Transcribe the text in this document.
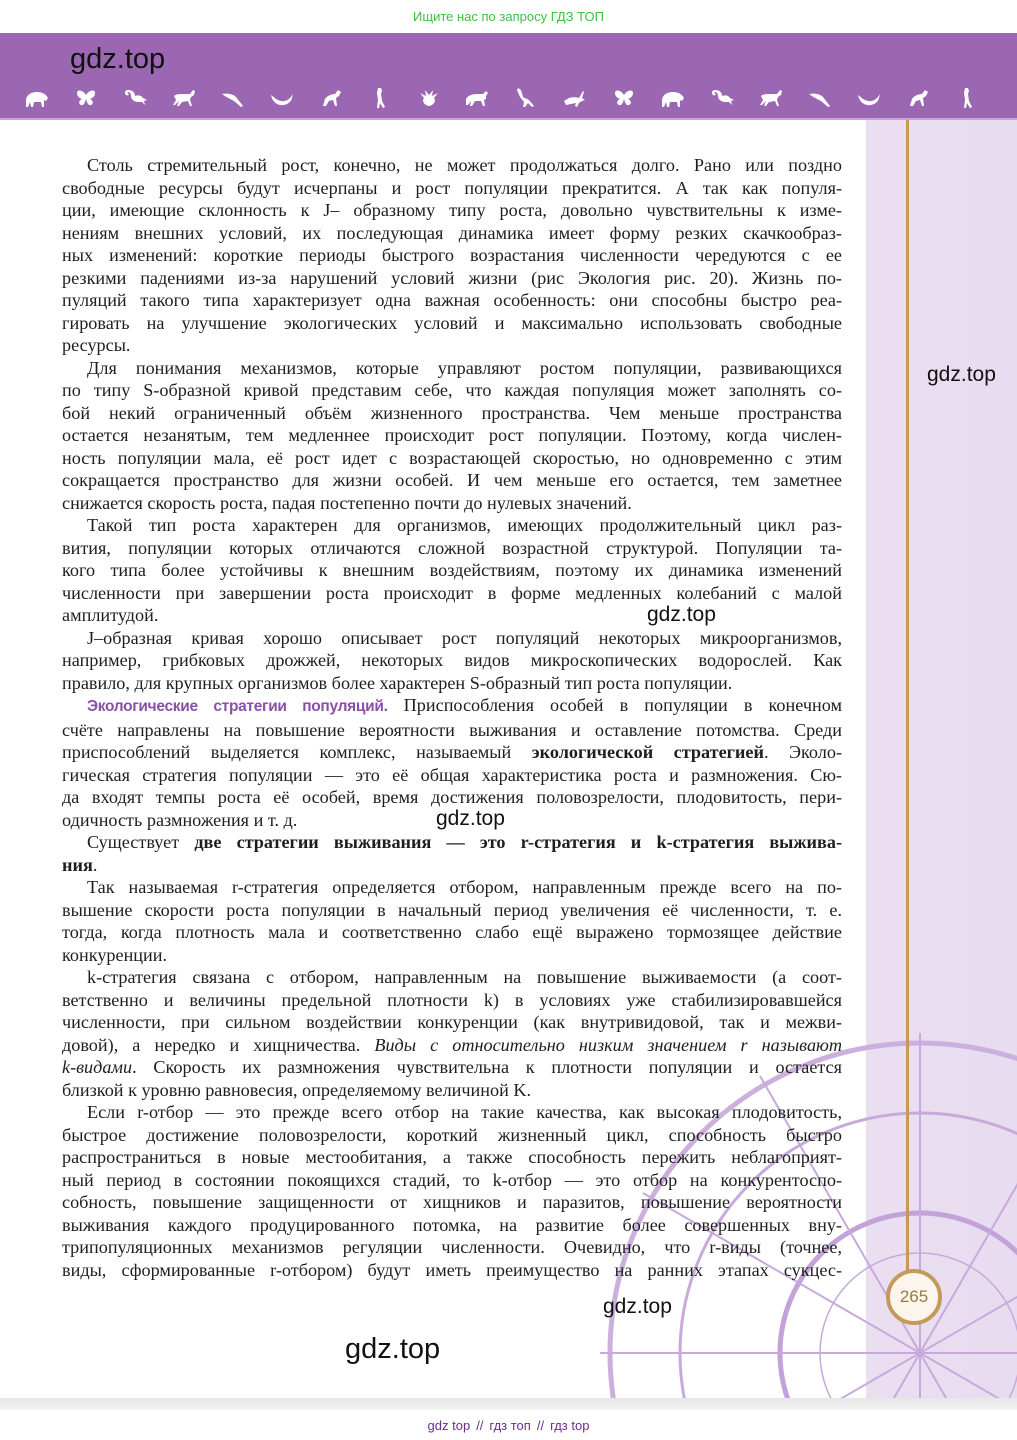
Ищите нас по запросу ГДЗ ТОП
gdz.top
gdz.top
265
Столь стремительный рост, конечно, не может продолжаться долго. Рано или поздно
свободные ресурсы будут исчерпаны и рост популяции прекратится. А так как популя-
ции, имеющие склонность к J– образному типу роста, довольно чувствительны к изме-
нениям внешних условий, их последующая динамика имеет форму резких скачкообраз-
ных изменений: короткие периоды быстрого возрастания численности чередуются с ее
резкими падениями из-за нарушений условий жизни (рис Экология рис. 20). Жизнь по-
пуляций такого типа характеризует одна важная особенность: они способны быстро реа-
гировать на улучшение экологических условий и максимально использовать свободные
ресурсы.
Для понимания механизмов, которые управляют ростом популяции, развивающихся
по типу S-образной кривой представим себе, что каждая популяция может заполнять со-
бой некий ограниченный объём жизненного пространства. Чем меньше пространства
остается незанятым, тем медленнее происходит рост популяции. Поэтому, когда числен-
ность популяции мала, её рост идет с возрастающей скоростью, но одновременно с этим
сокращается пространство для жизни особей. И чем меньше его остается, тем заметнее
снижается скорость роста, падая постепенно почти до нулевых значений.
Такой тип роста характерен для организмов, имеющих продолжительный цикл раз-
вития, популяции которых отличаются сложной возрастной структурой. Популяции та-
кого типа более устойчивы к внешним воздействиям, поэтому их динамика изменений
численности при завершении роста происходит в форме медленных колебаний с малой
амплитудой.
J–образная кривая хорошо описывает рост популяций некоторых микроорганизмов,
например, грибковых дрожжей, некоторых видов микроскопических водорослей. Как
правило, для крупных организмов более характерен S-образный тип роста популяции.
Экологические стратегии популяций. Приспособления особей в популяции в конечном
счёте направлены на повышение вероятности выживания и оставление потомства. Среди
приспособлений выделяется комплекс, называемый экологической стратегией. Эколо-
гическая стратегия популяции — это её общая характеристика роста и размножения. Сю-
да входят темпы роста её особей, время достижения половозрелости, плодовитость, пери-
одичность размножения и т. д.
Существует две стратегии выживания — это r-стратегия и k-стратегия выжива-
ния.
Так называемая r-стратегия определяется отбором, направленным прежде всего на по-
вышение скорости роста популяции в начальный период увеличения её численности, т. е.
тогда, когда плотность мала и соответственно слабо ещё выражено тормозящее действие
конкуренции.
k-стратегия связана с отбором, направленным на повышение выживаемости (а соот-
ветственно и величины предельной плотности k) в условиях уже стабилизировавшейся
численности, при сильном воздействии конкуренции (как внутривидовой, так и межви-
довой), а нередко и хищничества. Виды с относительно низким значением r называют
k-видами. Скорость их размножения чувствительна к плотности популяции и остается
близкой к уровню равновесия, определяемому величиной K.
Если r-отбор — это прежде всего отбор на такие качества, как высокая плодовитость,
быстрое достижение половозрелости, короткий жизненный цикл, способность быстро
распространиться в новые местообитания, а также способность пережить неблагоприят-
ный период в состоянии покоящихся стадий, то k-отбор — это отбор на конкурентоспо-
собность, повышение защищенности от хищников и паразитов, повышение вероятности
выживания каждого продуцированного потомка, на развитие более совершенных вну-
трипопуляционных механизмов регуляции численности. Очевидно, что r-виды (точнее,
виды, сформированные r-отбором) будут иметь преимущество на ранних этапах сукцес-
gdz.top
gdz.top
gdz.top
gdz.top
gdz top // гдз топ // гдз top
